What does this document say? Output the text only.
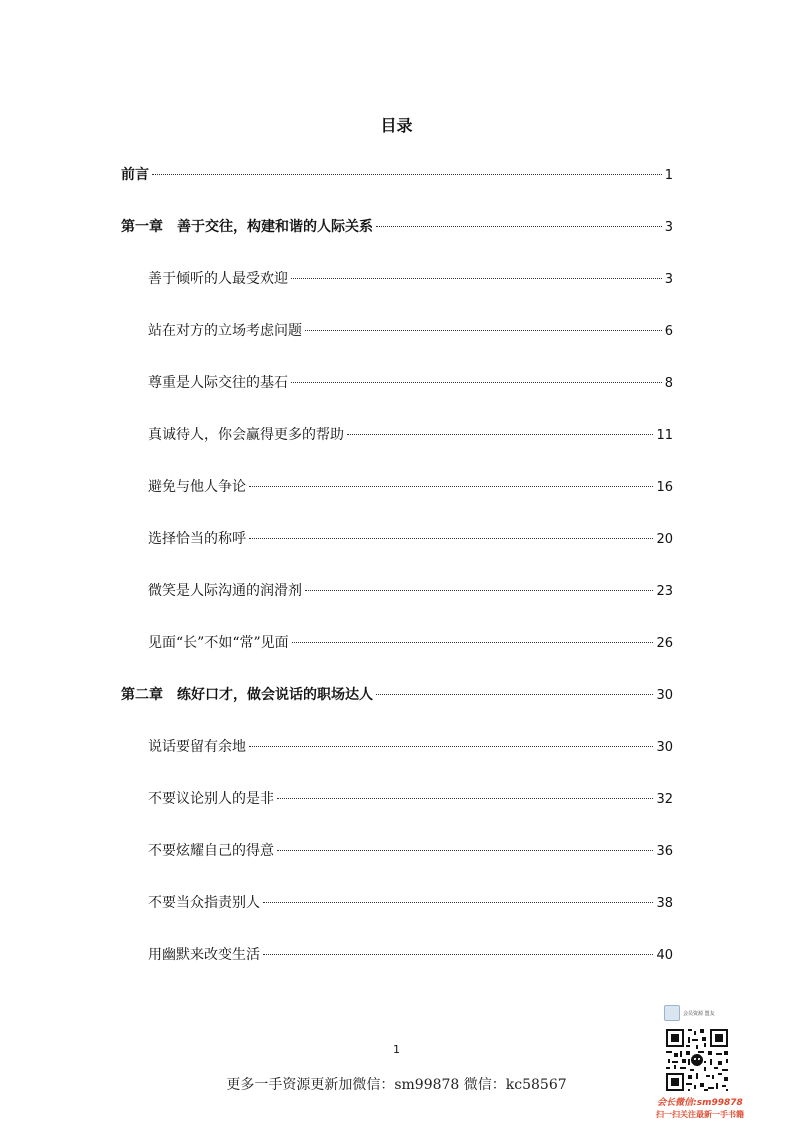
目录
前言	1
第一章　善于交往，构建和谐的人际关系	3
善于倾听的人最受欢迎	3
站在对方的立场考虑问题	6
尊重是人际交往的基石	8
真诚待人，你会赢得更多的帮助	11
避免与他人争论	16
选择恰当的称呼	20
微笑是人际沟通的润滑剂	23
见面“长”不如“常”见面	26
第二章　练好口才，做会说话的职场达人	30
说话要留有余地	30
不要议论别人的是非	32
不要炫耀自己的得意	36
不要当众指责别人	38
用幽默来改变生活	40
1
更多一手资源更新加微信：sm99878 微信：kc58567
会员资源 盟友
会长微信:sm99878
扫一扫关注最新一手书籍
